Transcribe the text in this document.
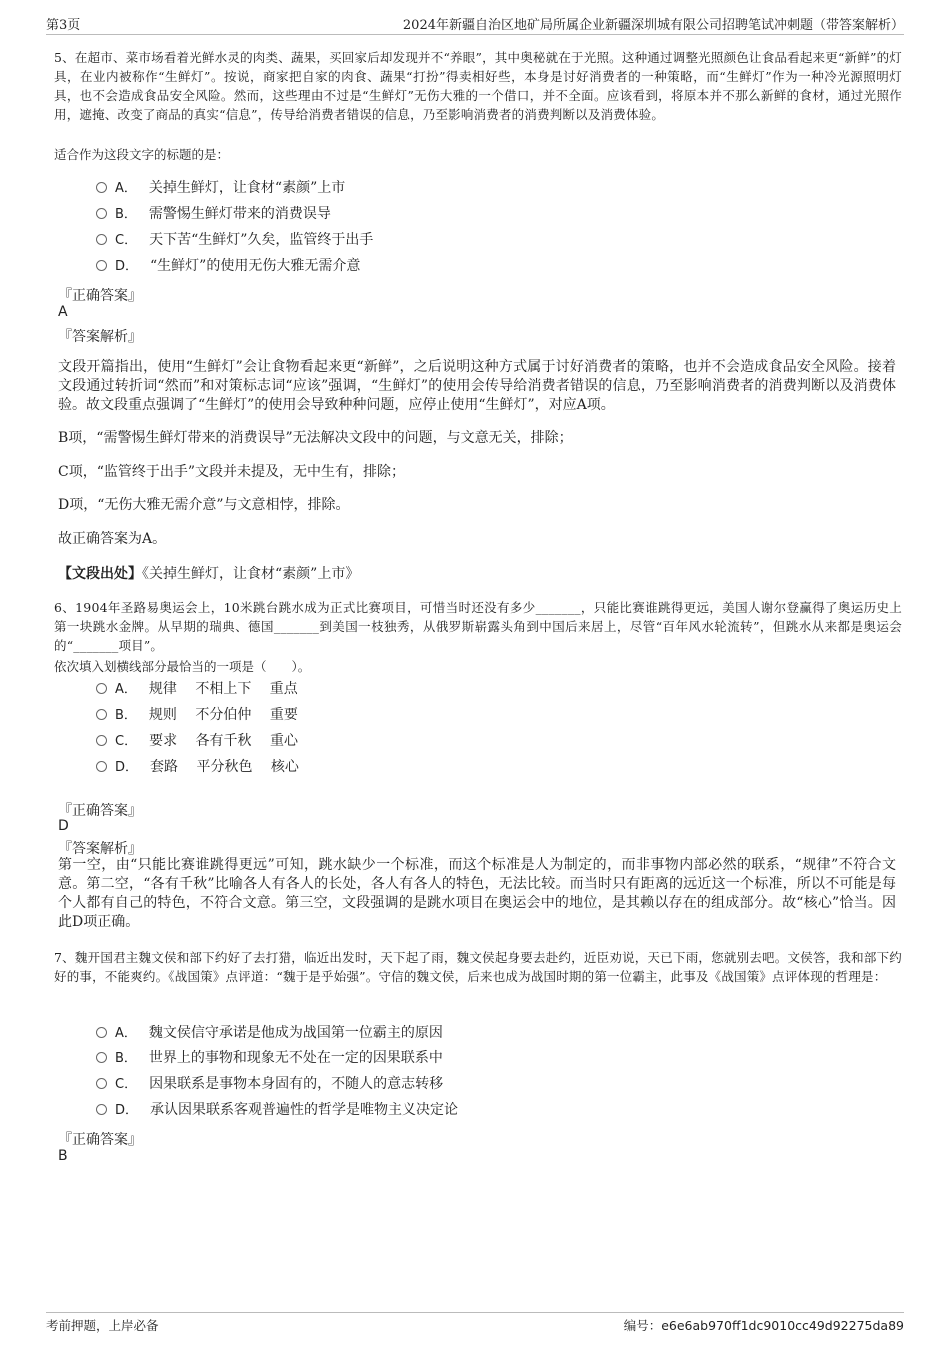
第3页	2024年新疆自治区地矿局所属企业新疆深圳城有限公司招聘笔试冲刺题（带答案解析）
5、在超市、菜市场看着光鲜水灵的肉类、蔬果，买回家后却发现并不“养眼”，其中奥秘就在于光照。这种通过调整光照颜色让食品看起来更“新鲜”的灯具，在业内被称作“生鲜灯”。按说，商家把自家的肉食、蔬果“打扮”得卖相好些，本身是讨好消费者的一种策略，而“生鲜灯”作为一种冷光源照明灯具，也不会造成食品安全风险。然而，这些理由不过是“生鲜灯”无伤大雅的一个借口，并不全面。应该看到，将原本并不那么新鲜的食材，通过光照作用，遮掩、改变了商品的真实“信息”，传导给消费者错误的信息，乃至影响消费者的消费判断以及消费体验。
适合作为这段文字的标题的是：
A． 关掉生鲜灯，让食材“素颜”上市
B． 需警惕生鲜灯带来的消费误导
C． 天下苦“生鲜灯”久矣，监管终于出手
D． “生鲜灯”的使用无伤大雅无需介意
『正确答案』
A
『答案解析』
文段开篇指出，使用“生鲜灯”会让食物看起来更“新鲜”，之后说明这种方式属于讨好消费者的策略，也并不会造成食品安全风险。接着文段通过转折词“然而”和对策标志词“应该”强调，“生鲜灯”的使用会传导给消费者错误的信息，乃至影响消费者的消费判断以及消费体验。故文段重点强调了“生鲜灯”的使用会导致种种问题，应停止使用“生鲜灯”，对应A项。
B项，“需警惕生鲜灯带来的消费误导”无法解决文段中的问题，与文意无关，排除；
C项，“监管终于出手”文段并未提及，无中生有，排除；
D项，“无伤大雅无需介意”与文意相悖，排除。
故正确答案为A。
【文段出处】《关掉生鲜灯，让食材“素颜”上市》
6、1904年圣路易奥运会上，10米跳台跳水成为正式比赛项目，可惜当时还没有多少_______，只能比赛谁跳得更远，美国人谢尔登赢得了奥运历史上第一块跳水金牌。从早期的瑞典、德国_______到美国一枝独秀，从俄罗斯崭露头角到中国后来居上，尽管“百年风水轮流转”，但跳水从来都是奥运会的“_______项目”。
依次填入划横线部分最恰当的一项是（　　）。
A． 规律　 不相上下　 重点
B． 规则　 不分伯仲　 重要
C． 要求　 各有千秋　 重心
D． 套路　 平分秋色　 核心
『正确答案』
D
『答案解析』
第一空，由“只能比赛谁跳得更远”可知，跳水缺少一个标准，而这个标准是人为制定的，而非事物内部必然的联系，“规律”不符合文意。第二空，“各有千秋”比喻各人有各人的长处，各人有各人的特色，无法比较。而当时只有距离的远近这一个标准，所以不可能是每个人都有自己的特色，不符合文意。第三空，文段强调的是跳水项目在奥运会中的地位，是其赖以存在的组成部分。故“核心”恰当。因此D项正确。
7、魏开国君主魏文侯和部下约好了去打猎，临近出发时，天下起了雨，魏文侯起身要去赴约，近臣劝说，天已下雨，您就别去吧。文侯答，我和部下约好的事，不能爽约。《战国策》点评道：“魏于是乎始强”。守信的魏文侯，后来也成为战国时期的第一位霸主，此事及《战国策》点评体现的哲理是：
A． 魏文侯信守承诺是他成为战国第一位霸主的原因
B． 世界上的事物和现象无不处在一定的因果联系中
C． 因果联系是事物本身固有的，不随人的意志转移
D． 承认因果联系客观普遍性的哲学是唯物主义决定论
『正确答案』
B
考前押题，上岸必备	编号：e6e6ab970ff1dc9010cc49d92275da89
